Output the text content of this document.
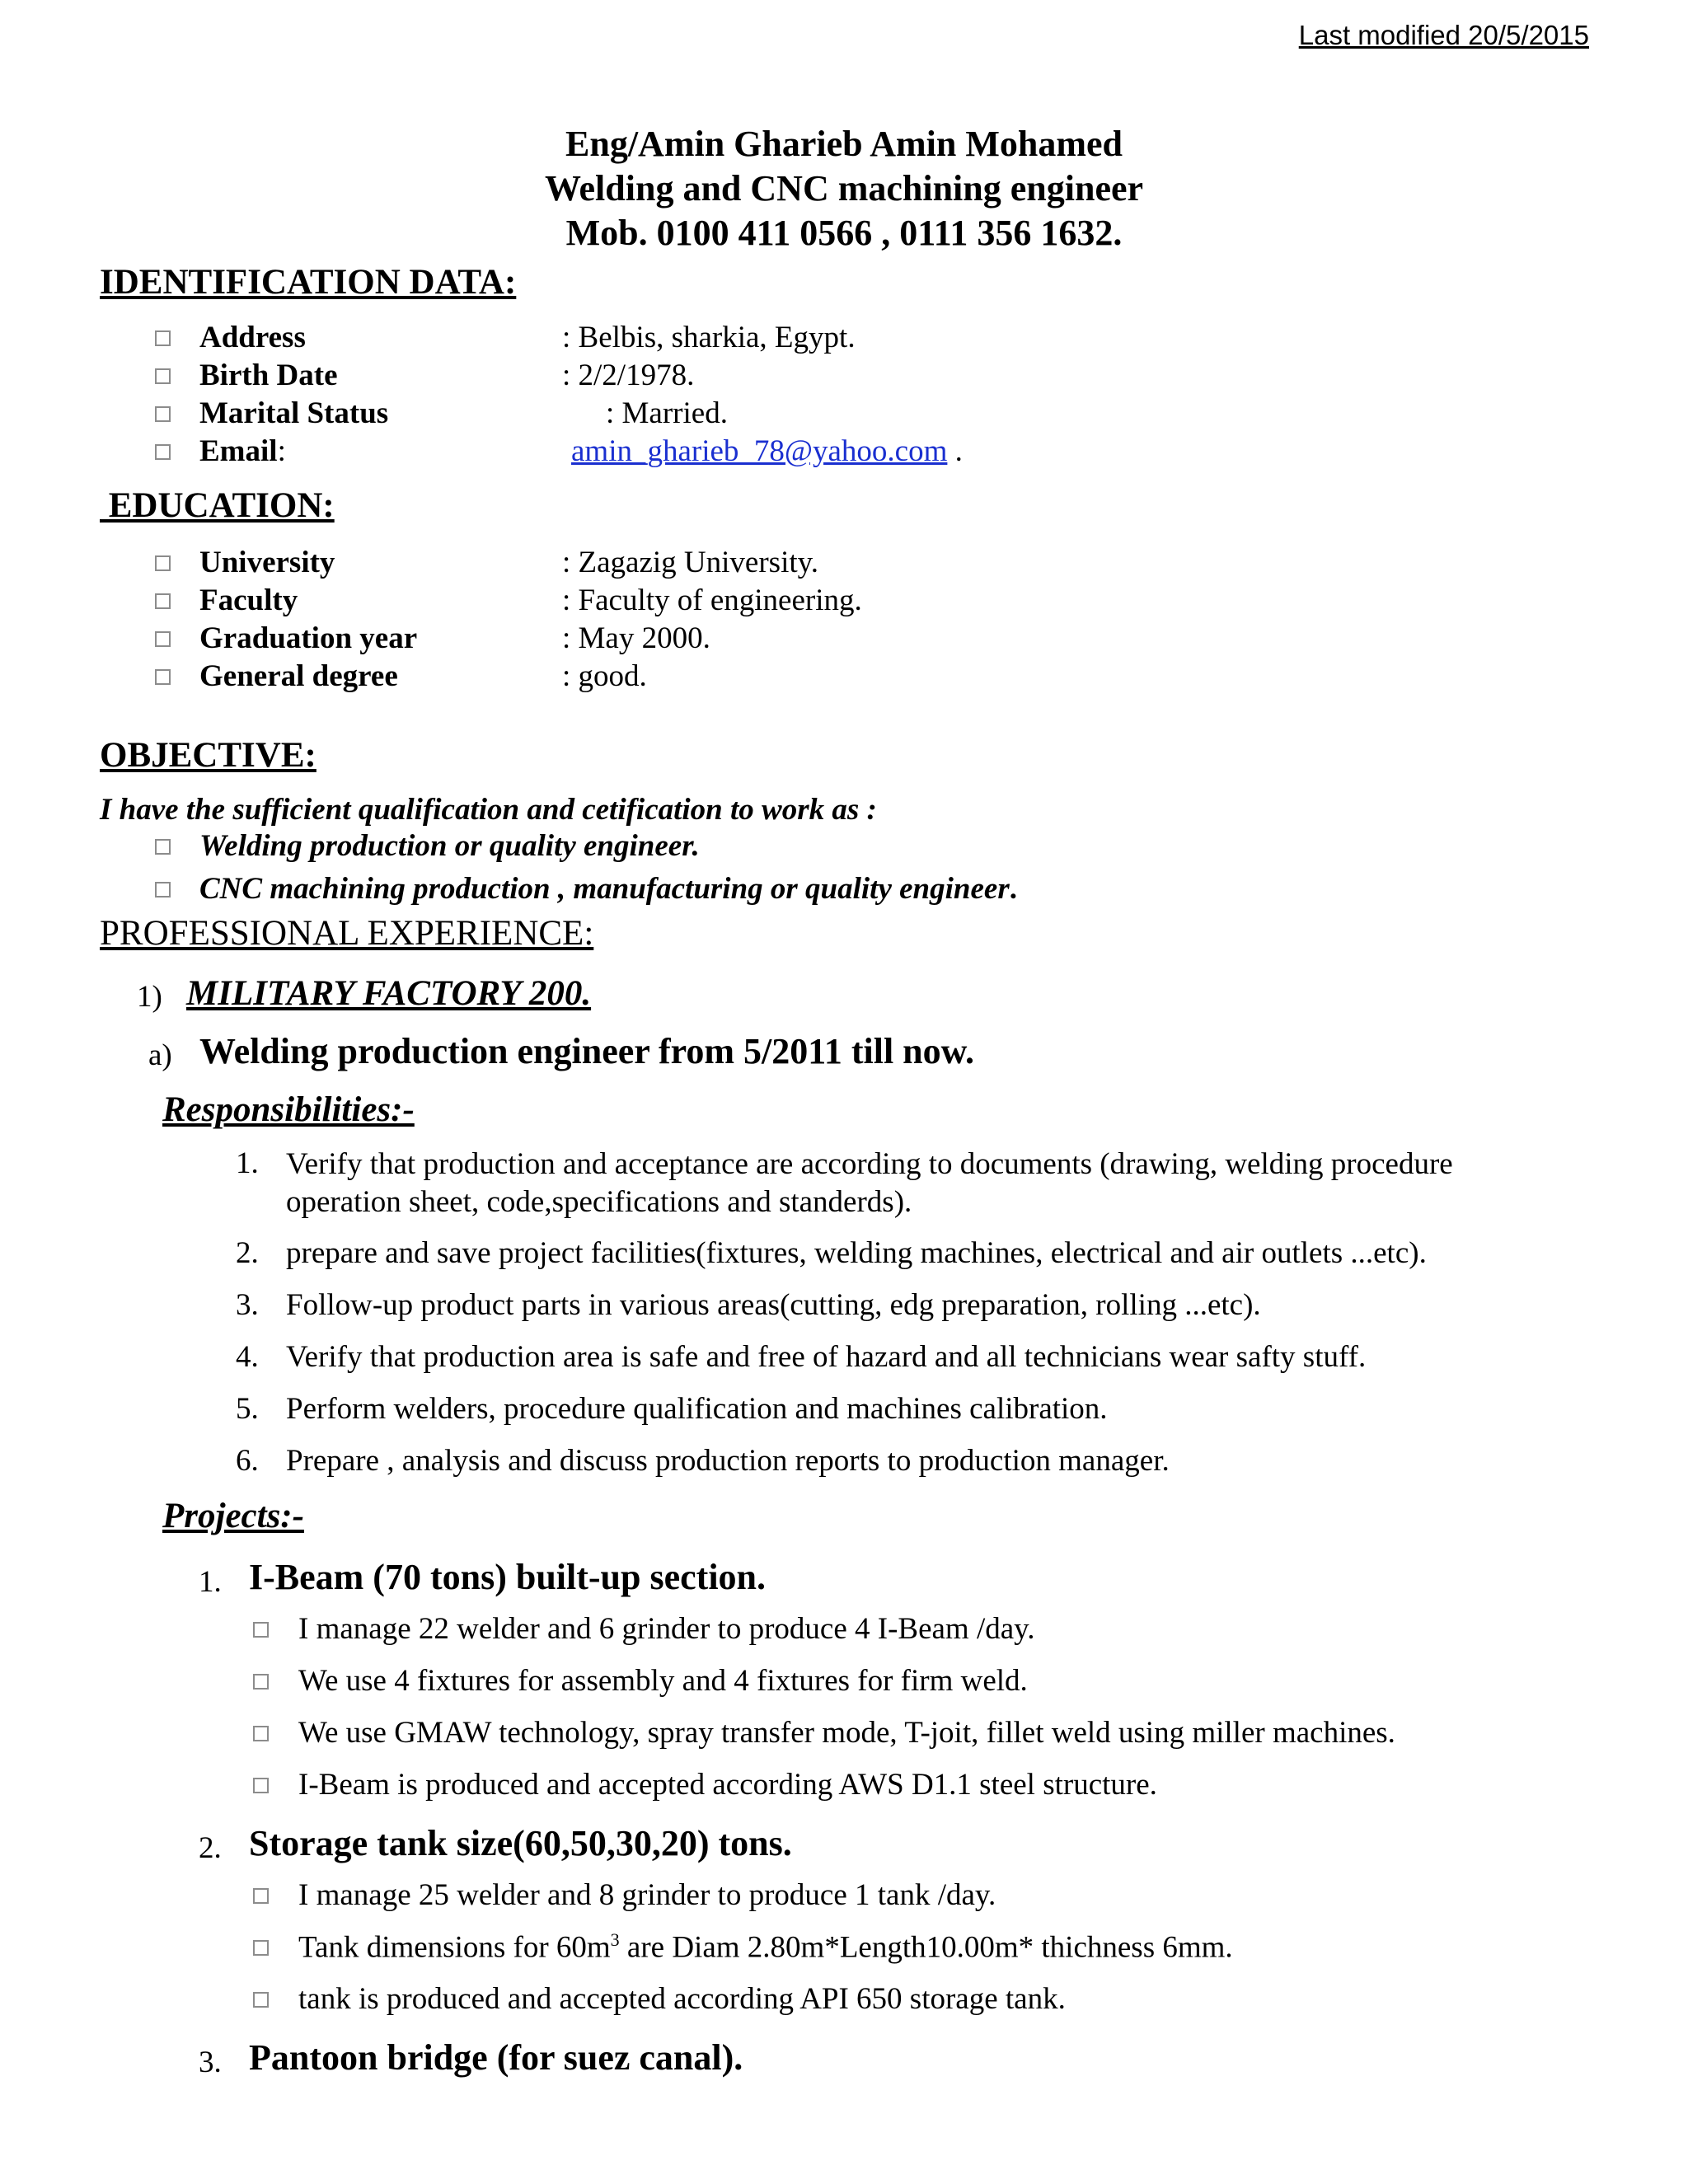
Last modified 20/5/2015
Eng/Amin Gharieb Amin Mohamed
Welding and CNC machining engineer
Mob. 0100 411 0566 , 0111 356 1632.
IDENTIFICATION DATA:
Address	: Belbis, sharkia, Egypt.
Birth Date	: 2/2/1978.
Marital Status	: Married.
Email:	amin_gharieb_78@yahoo.com .
EDUCATION:
University	: Zagazig University.
Faculty	: Faculty of engineering.
Graduation year	: May 2000.
General degree	: good.
OBJECTIVE:
I have the sufficient qualification and cetification to work as :
Welding production or quality engineer.
CNC machining production , manufacturing or quality engineer.
PROFESSIONAL EXPERIENCE:
1) MILITARY FACTORY 200.
a) Welding production engineer from 5/2011 till now.
Responsibilities:-
1. Verify that production and acceptance are according to documents (drawing, welding procedure
operation sheet, code,specifications and standerds).
2. prepare and save project facilities(fixtures, welding machines, electrical and air outlets ...etc).
3. Follow-up product parts in various areas(cutting, edg preparation, rolling ...etc).
4. Verify that production area is safe and free of hazard and all technicians wear safty stuff.
5. Perform welders, procedure qualification and machines calibration.
6. Prepare , analysis and discuss production reports to production manager.
Projects:-
1. I-Beam (70 tons) built-up section.
I manage 22 welder and 6 grinder to produce 4 I-Beam /day.
We use 4 fixtures for assembly and 4 fixtures for firm weld.
We use GMAW technology, spray transfer mode, T-joit, fillet weld using miller machines.
I-Beam is produced and accepted according AWS D1.1 steel structure.
2. Storage tank size(60,50,30,20) tons.
I manage 25 welder and 8 grinder to produce 1 tank /day.
Tank dimensions for $60m^3$ are Diam 2.80m*Length10.00m* thichness 6mm.
tank is produced and accepted according API 650 storage tank.
3. Pantoon bridge (for suez canal).
